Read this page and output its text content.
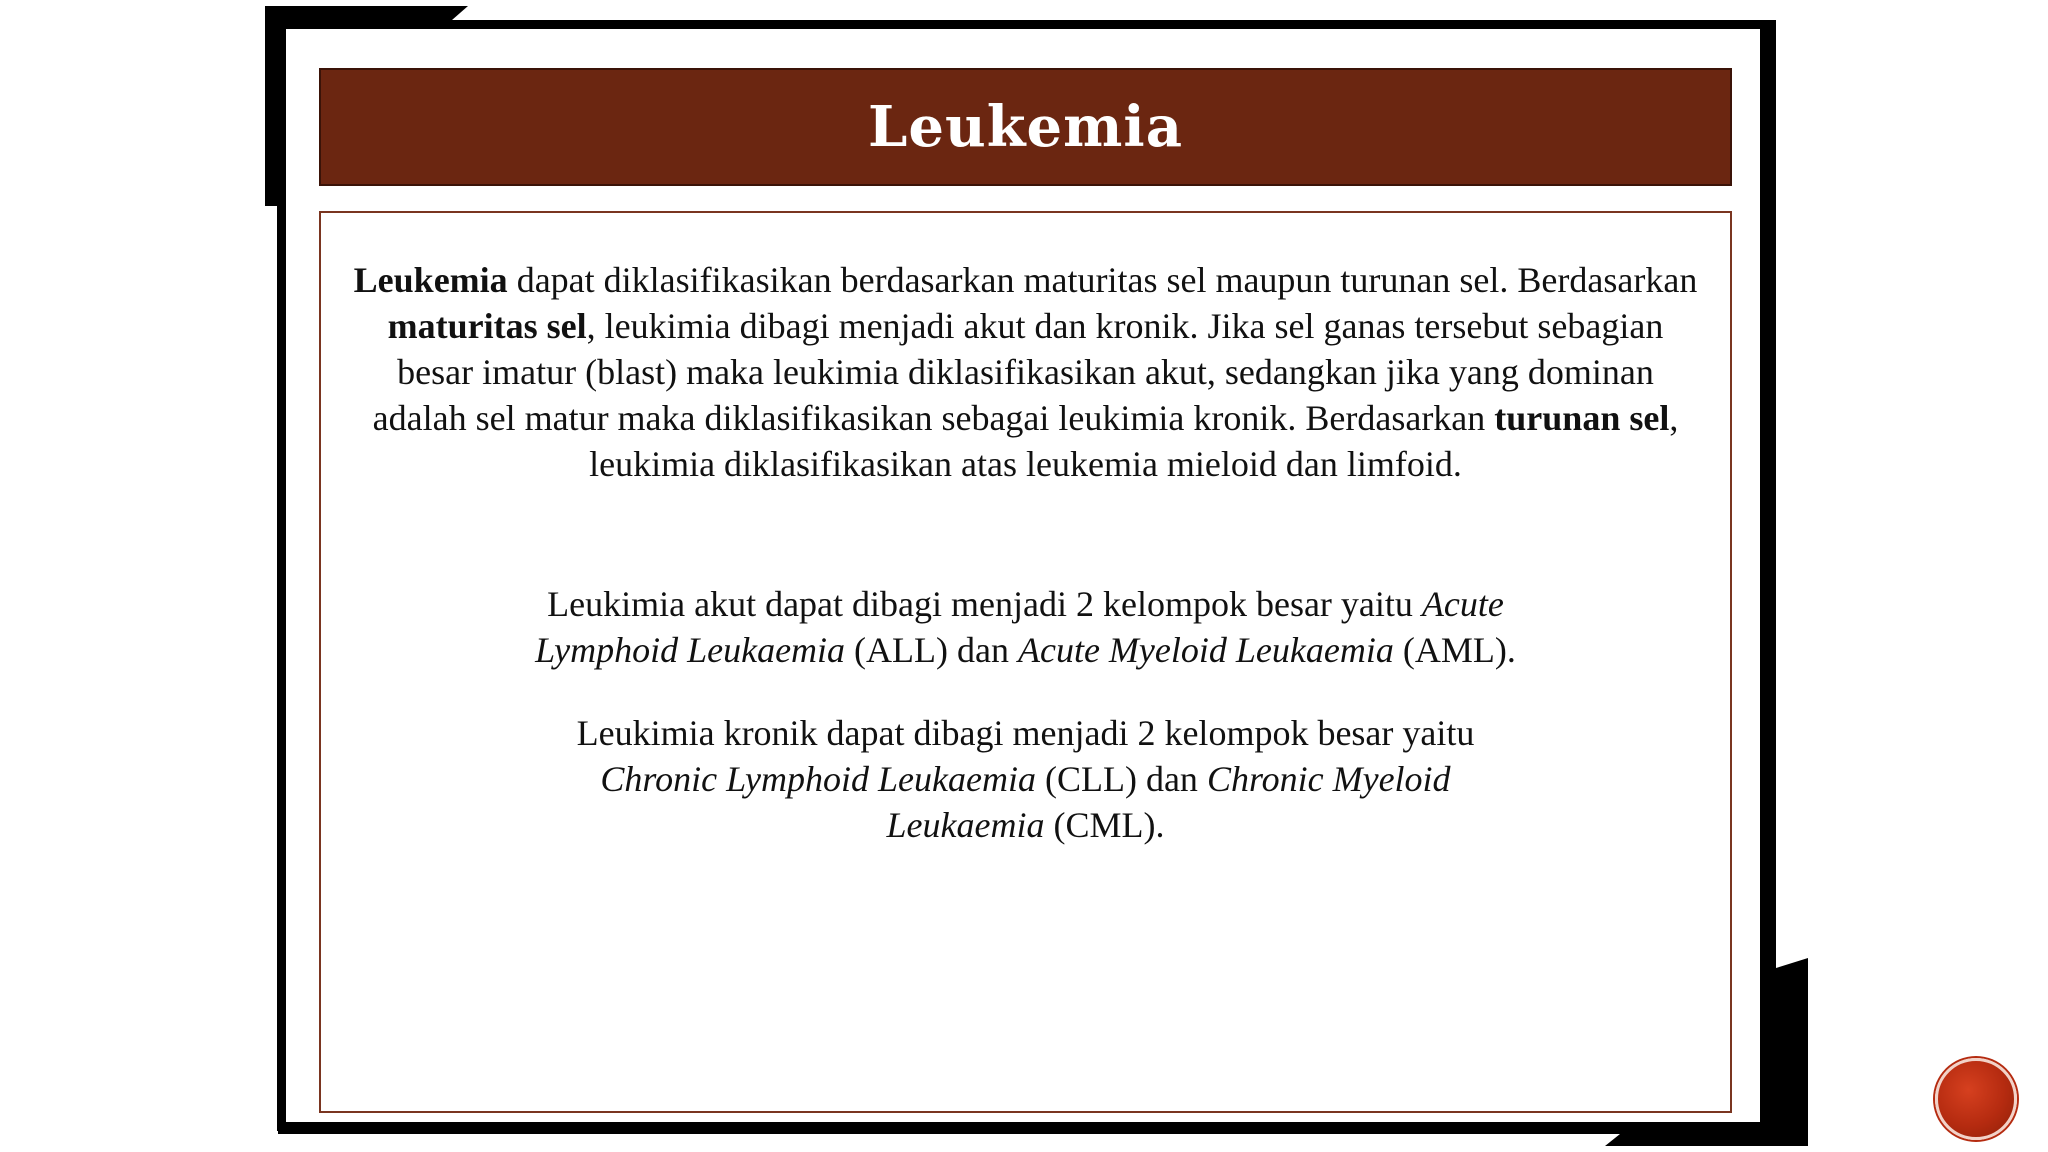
Leukemia

Leukemia dapat diklasifikasikan berdasarkan maturitas sel maupun turunan sel. Berdasarkan maturitas sel, leukimia dibagi menjadi akut dan kronik. Jika sel ganas tersebut sebagian besar imatur (blast) maka leukimia diklasifikasikan akut, sedangkan jika yang dominan adalah sel matur maka diklasifikasikan sebagai leukimia kronik. Berdasarkan turunan sel, leukimia diklasifikasikan atas leukemia mieloid dan limfoid.

Leukimia akut dapat dibagi menjadi 2 kelompok besar yaitu Acute Lymphoid Leukaemia (ALL) dan Acute Myeloid Leukaemia (AML).

Leukimia kronik dapat dibagi menjadi 2 kelompok besar yaitu Chronic Lymphoid Leukaemia (CLL) dan Chronic Myeloid Leukaemia (CML).
